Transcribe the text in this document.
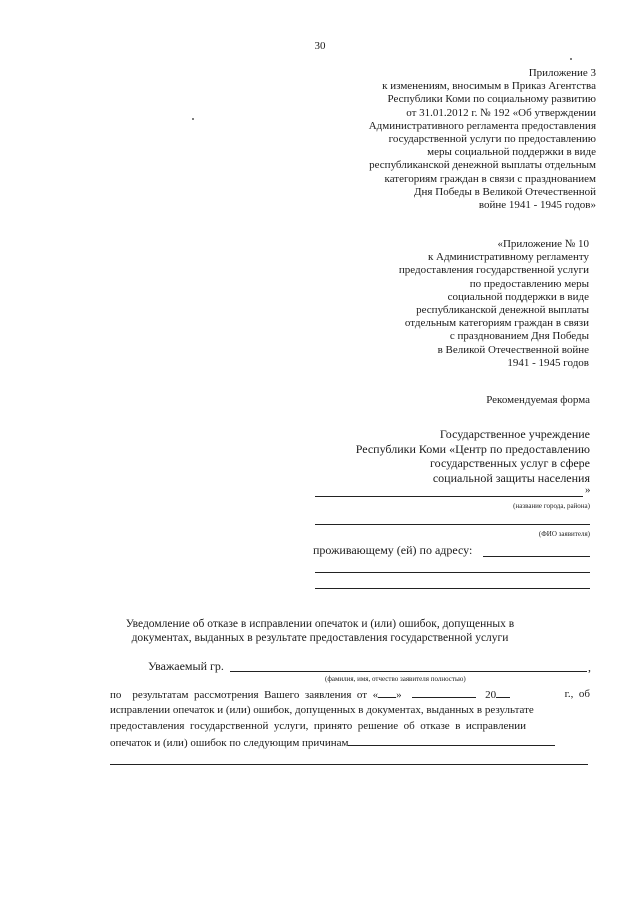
30
Приложение 3
к изменениям, вносимым в Приказ Агентства
Республики Коми по социальному развитию
от 31.01.2012 г. № 192 «Об утверждении
Административного регламента предоставления
государственной услуги по предоставлению
меры социальной поддержки в виде
республиканской денежной выплаты отдельным
категориям граждан в связи с празднованием
Дня Победы в Великой Отечественной
войне 1941 - 1945 годов»
«Приложение № 10
к Административному регламенту
предоставления государственной услуги
по предоставлению меры
социальной поддержки в виде
республиканской денежной выплаты
отдельным категориям граждан в связи
с празднованием Дня Победы
в Великой Отечественной войне
1941 - 1945 годов
Рекомендуемая форма
Государственное учреждение
Республики Коми «Центр по предоставлению
государственных услуг в сфере
социальной защиты населения
»
(название города, района)
(ФИО заявителя)
проживающему (ей) по адресу:
Уведомление об отказе в исправлении опечаток и (или) ошибок, допущенных в
документах, выданных в результате предоставления государственной услуги
Уважаемый гр.	,
(фамилия, имя, отчество заявителя полностью)
по    результатам  рассмотрения  Вашего  заявления  от  « »	20	г.,  об
исправлении опечаток и (или) ошибок, допущенных в документах, выданных в результате
предоставления  государственной  услуги,  принято  решение  об  отказе  в  исправлении
опечаток и (или) ошибок по следующим причинам
